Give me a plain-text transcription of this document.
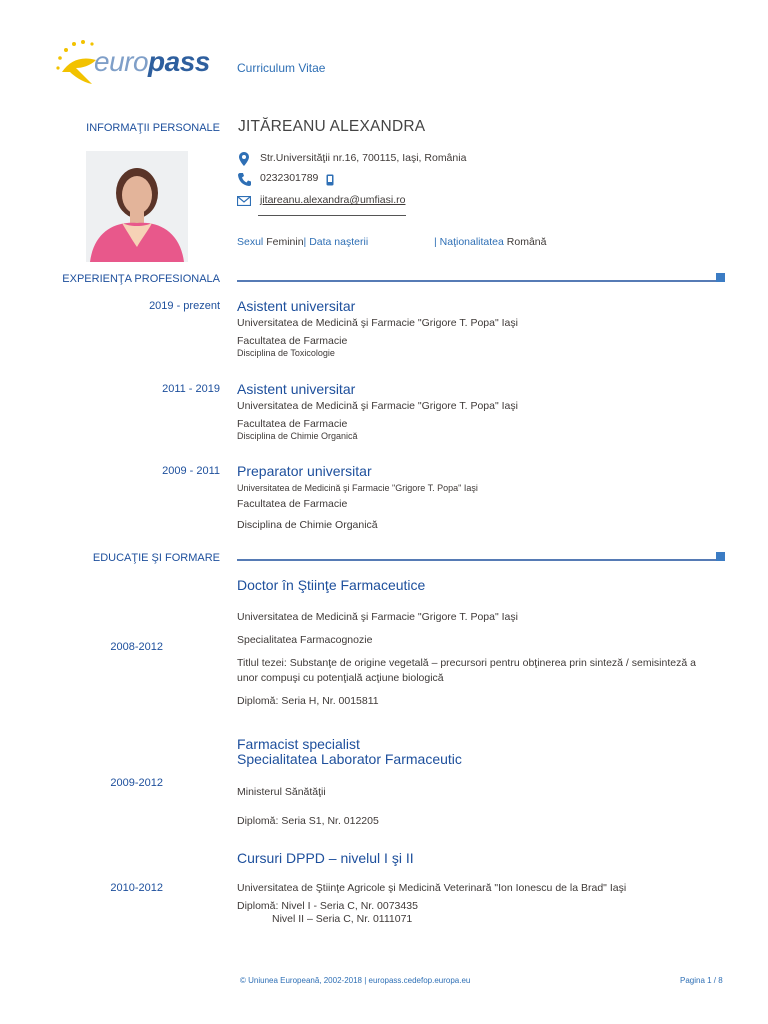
europass Curriculum Vitae
INFORMAŢII PERSONALE JITĂREANU ALEXANDRA
Str.Universităţii nr.16, 700115, Iaşi, România
0232301789
jitareanu.alexandra@umfiasi.ro
Sexul Feminin| Data naşterii	| Naţionalitatea Română
EXPERIENŢA PROFESIONALA
2019 - prezent Asistent universitar
Universitatea de Medicină şi Farmacie "Grigore T. Popa" Iaşi
Facultatea de Farmacie
Disciplina de Toxicologie
2011 - 2019 Asistent universitar
Universitatea de Medicină şi Farmacie "Grigore T. Popa" Iaşi
Facultatea de Farmacie
Disciplina de Chimie Organică
2009 - 2011 Preparator universitar
Universitatea de Medicină şi Farmacie "Grigore T. Popa" Iaşi
Facultatea de Farmacie
Disciplina de Chimie Organică
EDUCAŢIE ŞI FORMARE
Doctor în Ştiinţe Farmaceutice
2008-2012
Universitatea de Medicină şi Farmacie "Grigore T. Popa" Iaşi
Specialitatea Farmacognozie
Titlul tezei: Substanţe de origine vegetală – precursori pentru obţinerea prin sinteză / semisinteză a
unor compuşi cu potenţială acţiune biologică
Diplomă: Seria H, Nr. 0015811
Farmacist specialist
Specialitatea Laborator Farmaceutic
2009-2012
Ministerul Sănătăţii
Diplomă: Seria S1, Nr. 012205
Cursuri DPPD – nivelul I şi II
2010-2012	Universitatea de Ştiinţe Agricole şi Medicină Veterinară "Ion Ionescu de la Brad" Iaşi
Diplomă: Nivel I - Seria C, Nr. 0073435
Nivel II – Seria C, Nr. 0111071
© Uniunea Europeană, 2002-2018 | europass.cedefop.europa.eu	Pagina 1 / 8
